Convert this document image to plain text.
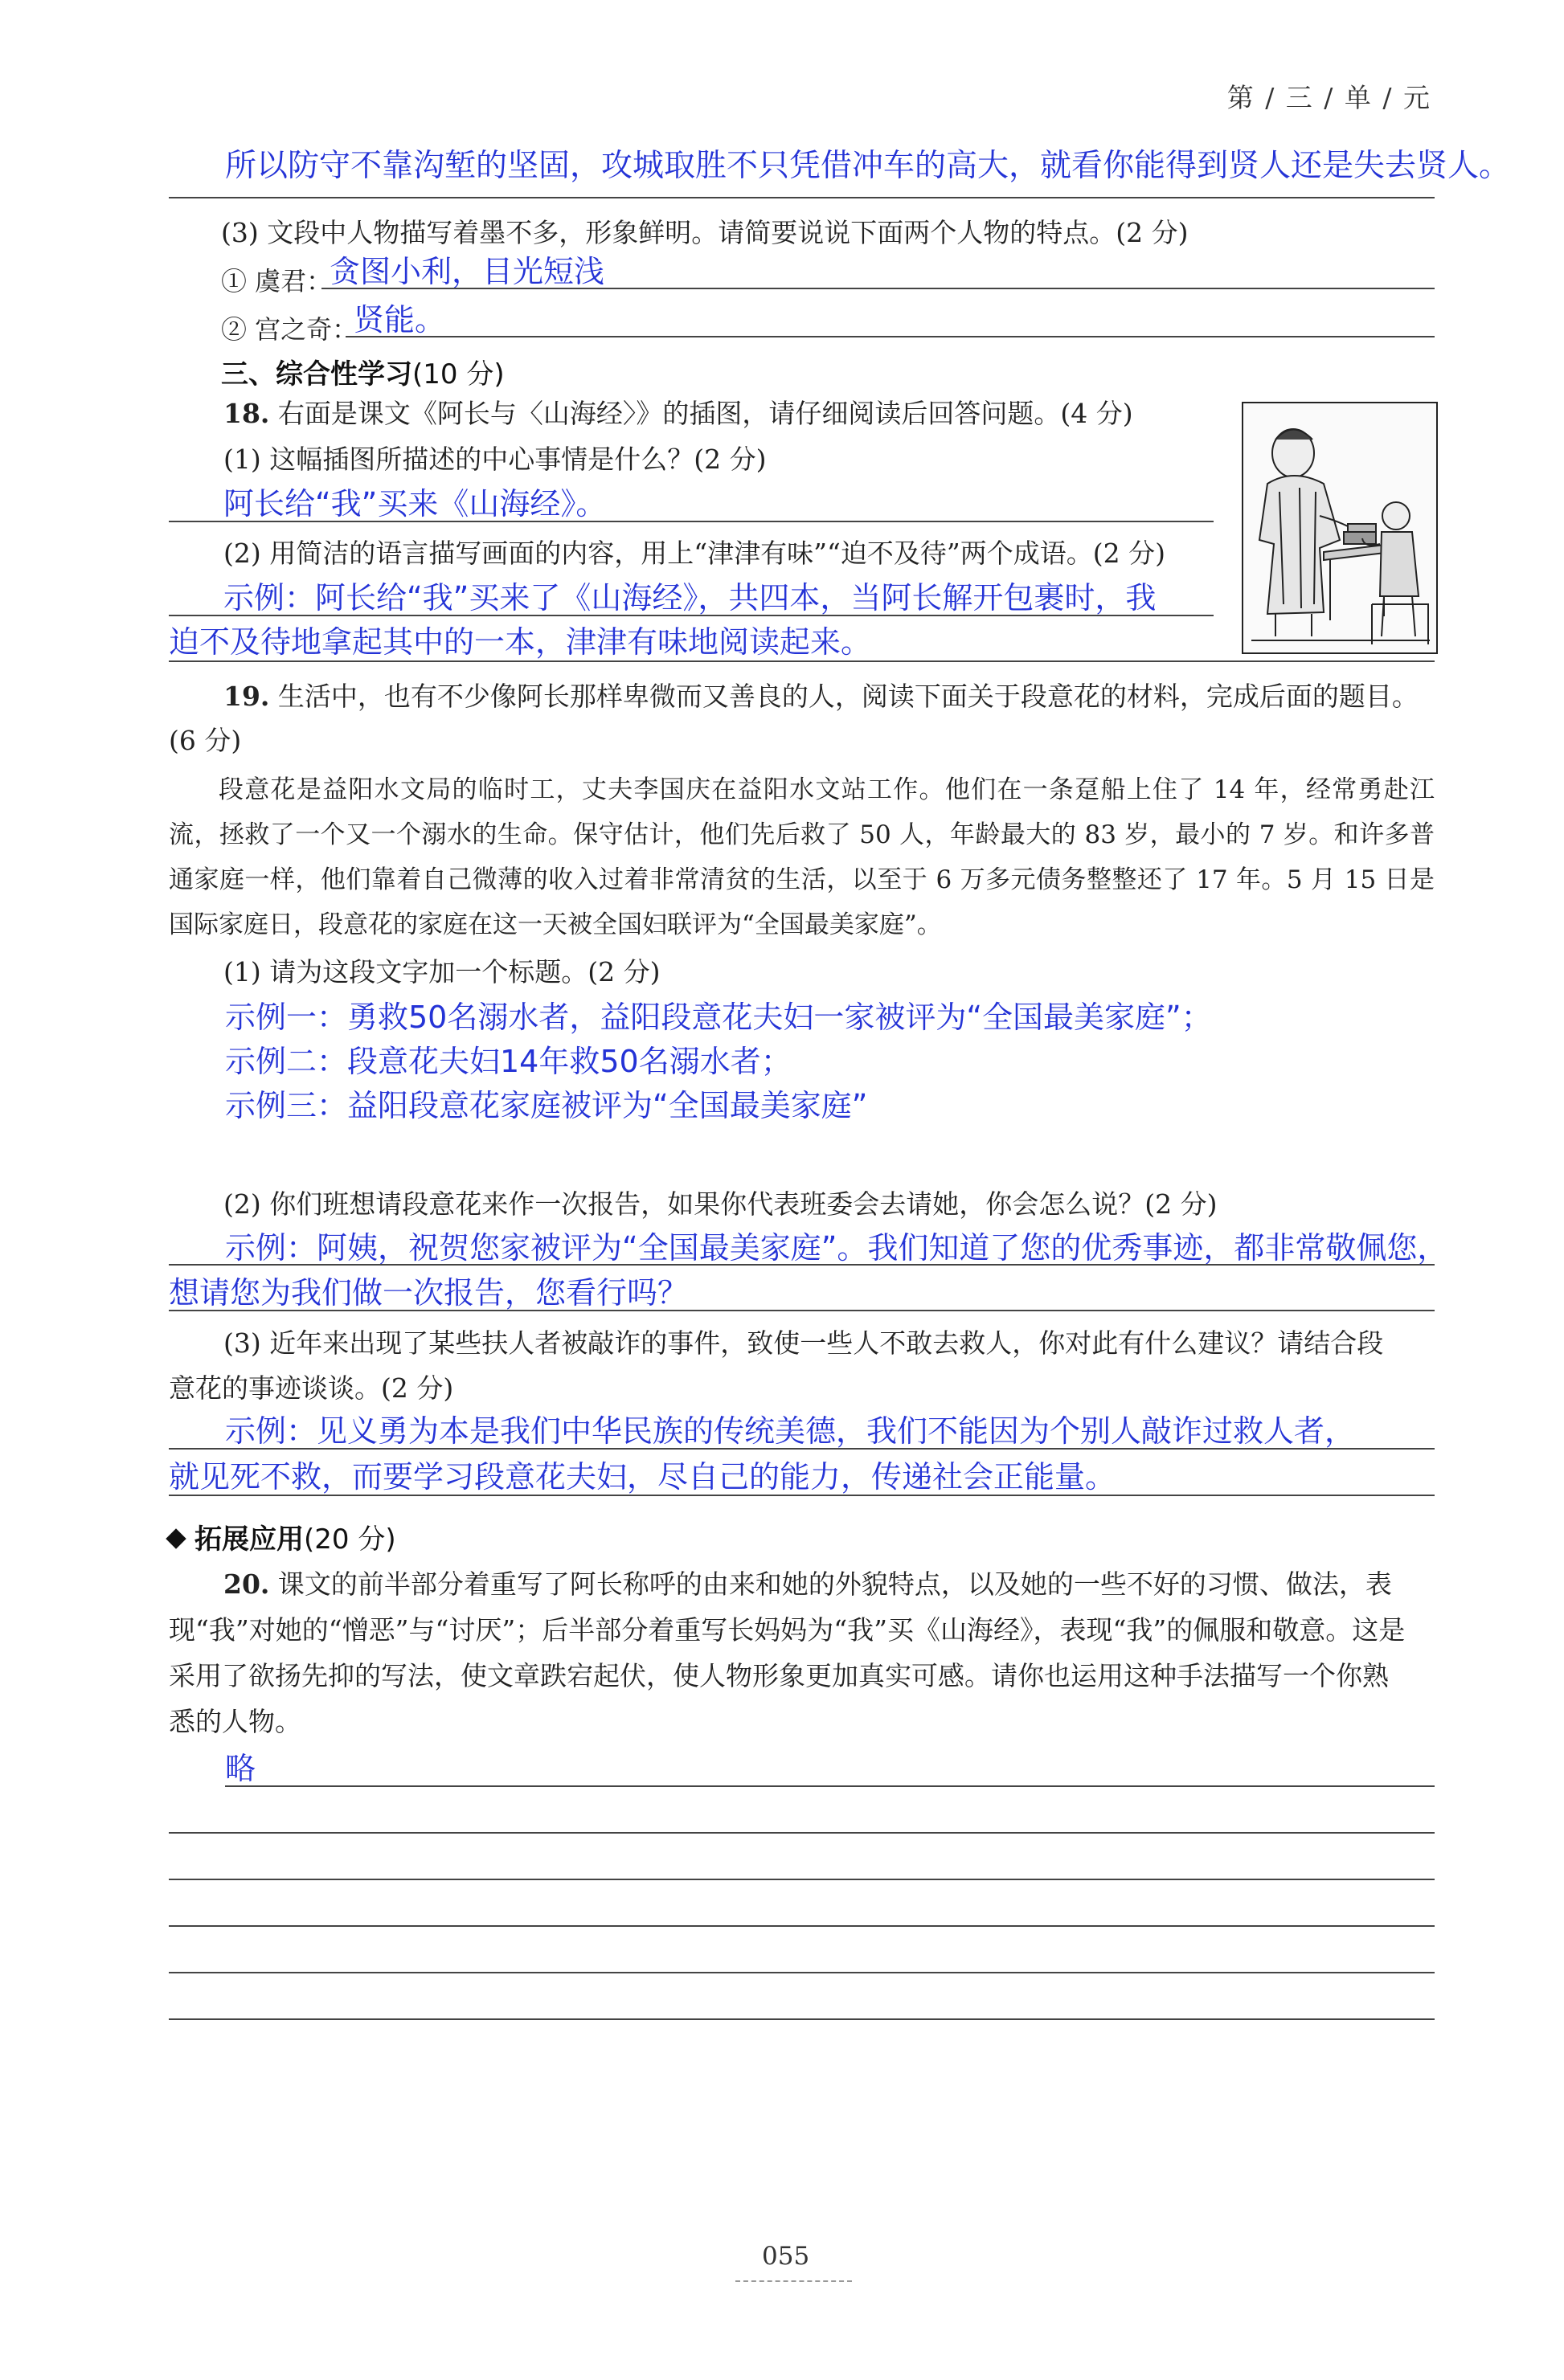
第 / 三 / 单 / 元
所以防守不靠沟堑的坚固，攻城取胜不只凭借冲车的高大，就看你能得到贤人还是失去贤人。
(3) 文段中人物描写着墨不多，形象鲜明。请简要说说下面两个人物的特点。(2 分)
① 虞君：
贪图小利，目光短浅
② 宫之奇：
贤能。
三、综合性学习(10 分)
18. 右面是课文《阿长与〈山海经〉》的插图，请仔细阅读后回答问题。(4 分)
(1) 这幅插图所描述的中心事情是什么？(2 分)
阿长给“我”买来《山海经》。
(2) 用简洁的语言描写画面的内容，用上“津津有味”“迫不及待”两个成语。(2 分)
示例：阿长给“我”买来了《山海经》，共四本，当阿长解开包裹时，我
迫不及待地拿起其中的一本，津津有味地阅读起来。
19. 生活中，也有不少像阿长那样卑微而又善良的人，阅读下面关于段意花的材料，完成后面的题目。
(6 分)
段意花是益阳水文局的临时工，丈夫李国庆在益阳水文站工作。他们在一条趸船上住了 14 年，经常勇赴江流，拯救了一个又一个溺水的生命。保守估计，他们先后救了 50 人，年龄最大的 83 岁，最小的 7 岁。和许多普通家庭一样，他们靠着自己微薄的收入过着非常清贫的生活，以至于 6 万多元债务整整还了 17 年。5 月 15 日是国际家庭日，段意花的家庭在这一天被全国妇联评为“全国最美家庭”。
(1) 请为这段文字加一个标题。(2 分)
示例一：勇救50名溺水者，益阳段意花夫妇一家被评为“全国最美家庭”；
示例二：段意花夫妇14年救50名溺水者；
示例三：益阳段意花家庭被评为“全国最美家庭”
(2) 你们班想请段意花来作一次报告，如果你代表班委会去请她，你会怎么说？(2 分)
示例：阿姨，祝贺您家被评为“全国最美家庭”。我们知道了您的优秀事迹，都非常敬佩您，
想请您为我们做一次报告，您看行吗？
(3) 近年来出现了某些扶人者被敲诈的事件，致使一些人不敢去救人，你对此有什么建议？请结合段
意花的事迹谈谈。(2 分)
示例：见义勇为本是我们中华民族的传统美德，我们不能因为个别人敲诈过救人者，
就见死不救，而要学习段意花夫妇，尽自己的能力，传递社会正能量。
拓展应用(20 分)
20. 课文的前半部分着重写了阿长称呼的由来和她的外貌特点，以及她的一些不好的习惯、做法，表
现“我”对她的“憎恶”与“讨厌”；后半部分着重写长妈妈为“我”买《山海经》，表现“我”的佩服和敬意。这是
采用了欲扬先抑的写法，使文章跌宕起伏，使人物形象更加真实可感。请你也运用这种手法描写一个你熟
悉的人物。
略
055
